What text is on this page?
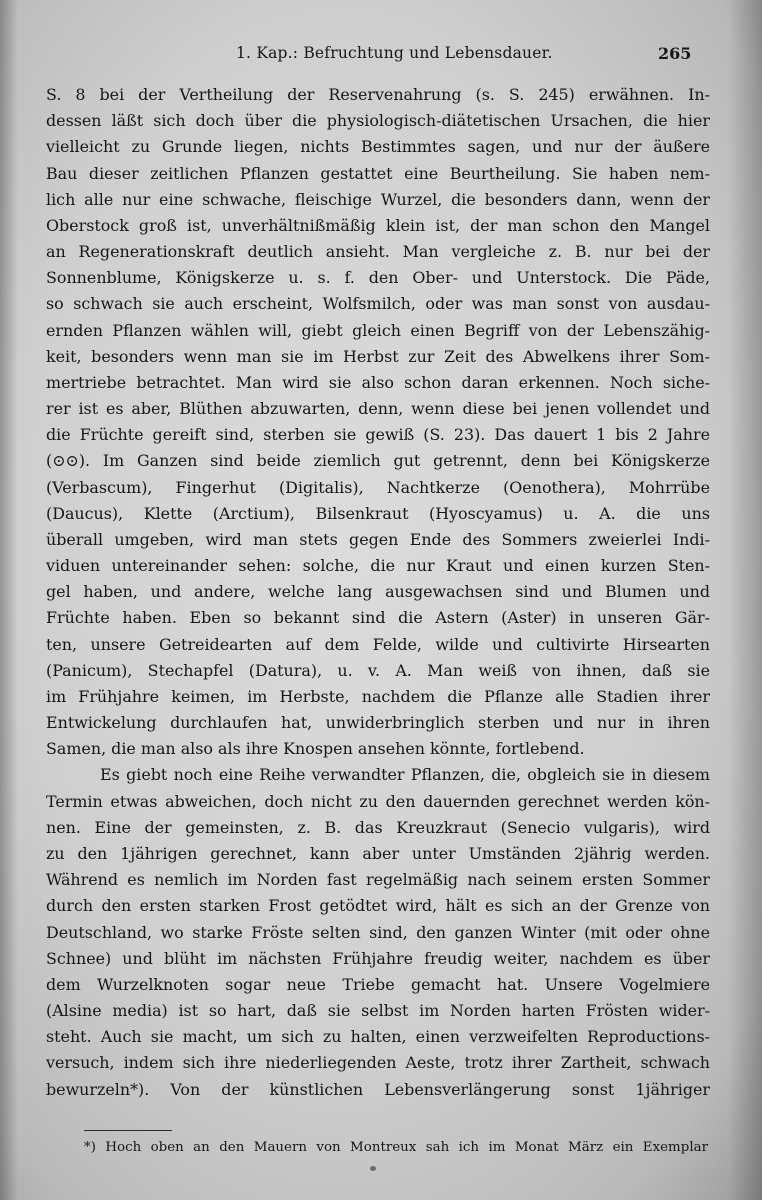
1. Kap.: Befruchtung und Lebensdauer.	265
S. 8 bei der Vertheilung der Reservenahrung (s. S. 245) erwähnen. In-
dessen läßt sich doch über die physiologisch-diätetischen Ursachen, die hier
vielleicht zu Grunde liegen, nichts Bestimmtes sagen, und nur der äußere
Bau dieser zeitlichen Pflanzen gestattet eine Beurtheilung. Sie haben nem-
lich alle nur eine schwache, fleischige Wurzel, die besonders dann, wenn der
Oberstock groß ist, unverhältnißmäßig klein ist, der man schon den Mangel
an Regenerationskraft deutlich ansieht. Man vergleiche z. B. nur bei der
Sonnenblume, Königskerze u. s. f. den Ober- und Unterstock. Die Päde,
so schwach sie auch erscheint, Wolfsmilch, oder was man sonst von ausdau-
ernden Pflanzen wählen will, giebt gleich einen Begriff von der Lebenszähig-
keit, besonders wenn man sie im Herbst zur Zeit des Abwelkens ihrer Som-
mertriebe betrachtet. Man wird sie also schon daran erkennen. Noch siche-
rer ist es aber, Blüthen abzuwarten, denn, wenn diese bei jenen vollendet und
die Früchte gereift sind, sterben sie gewiß (S. 23). Das dauert 1 bis 2 Jahre
(⊙⊙). Im Ganzen sind beide ziemlich gut getrennt, denn bei Königskerze
(Verbascum), Fingerhut (Digitalis), Nachtkerze (Oenothera), Mohrrübe
(Daucus), Klette (Arctium), Bilsenkraut (Hyoscyamus) u. A. die uns
überall umgeben, wird man stets gegen Ende des Sommers zweierlei Indi-
viduen untereinander sehen: solche, die nur Kraut und einen kurzen Sten-
gel haben, und andere, welche lang ausgewachsen sind und Blumen und
Früchte haben. Eben so bekannt sind die Astern (Aster) in unseren Gär-
ten, unsere Getreidearten auf dem Felde, wilde und cultivirte Hirsearten
(Panicum), Stechapfel (Datura), u. v. A. Man weiß von ihnen, daß sie
im Frühjahre keimen, im Herbste, nachdem die Pflanze alle Stadien ihrer
Entwickelung durchlaufen hat, unwiderbringlich sterben und nur in ihren
Samen, die man also als ihre Knospen ansehen könnte, fortlebend.
Es giebt noch eine Reihe verwandter Pflanzen, die, obgleich sie in diesem
Termin etwas abweichen, doch nicht zu den dauernden gerechnet werden kön-
nen. Eine der gemeinsten, z. B. das Kreuzkraut (Senecio vulgaris), wird
zu den 1jährigen gerechnet, kann aber unter Umständen 2jährig werden.
Während es nemlich im Norden fast regelmäßig nach seinem ersten Sommer
durch den ersten starken Frost getödtet wird, hält es sich an der Grenze von
Deutschland, wo starke Fröste selten sind, den ganzen Winter (mit oder ohne
Schnee) und blüht im nächsten Frühjahre freudig weiter, nachdem es über
dem Wurzelknoten sogar neue Triebe gemacht hat. Unsere Vogelmiere
(Alsine media) ist so hart, daß sie selbst im Norden harten Frösten wider-
steht. Auch sie macht, um sich zu halten, einen verzweifelten Reproductions-
versuch, indem sich ihre niederliegenden Aeste, trotz ihrer Zartheit, schwach
bewurzeln*). Von der künstlichen Lebensverlängerung sonst 1jähriger
*) Hoch oben an den Mauern von Montreux sah ich im Monat März ein Exemplar
